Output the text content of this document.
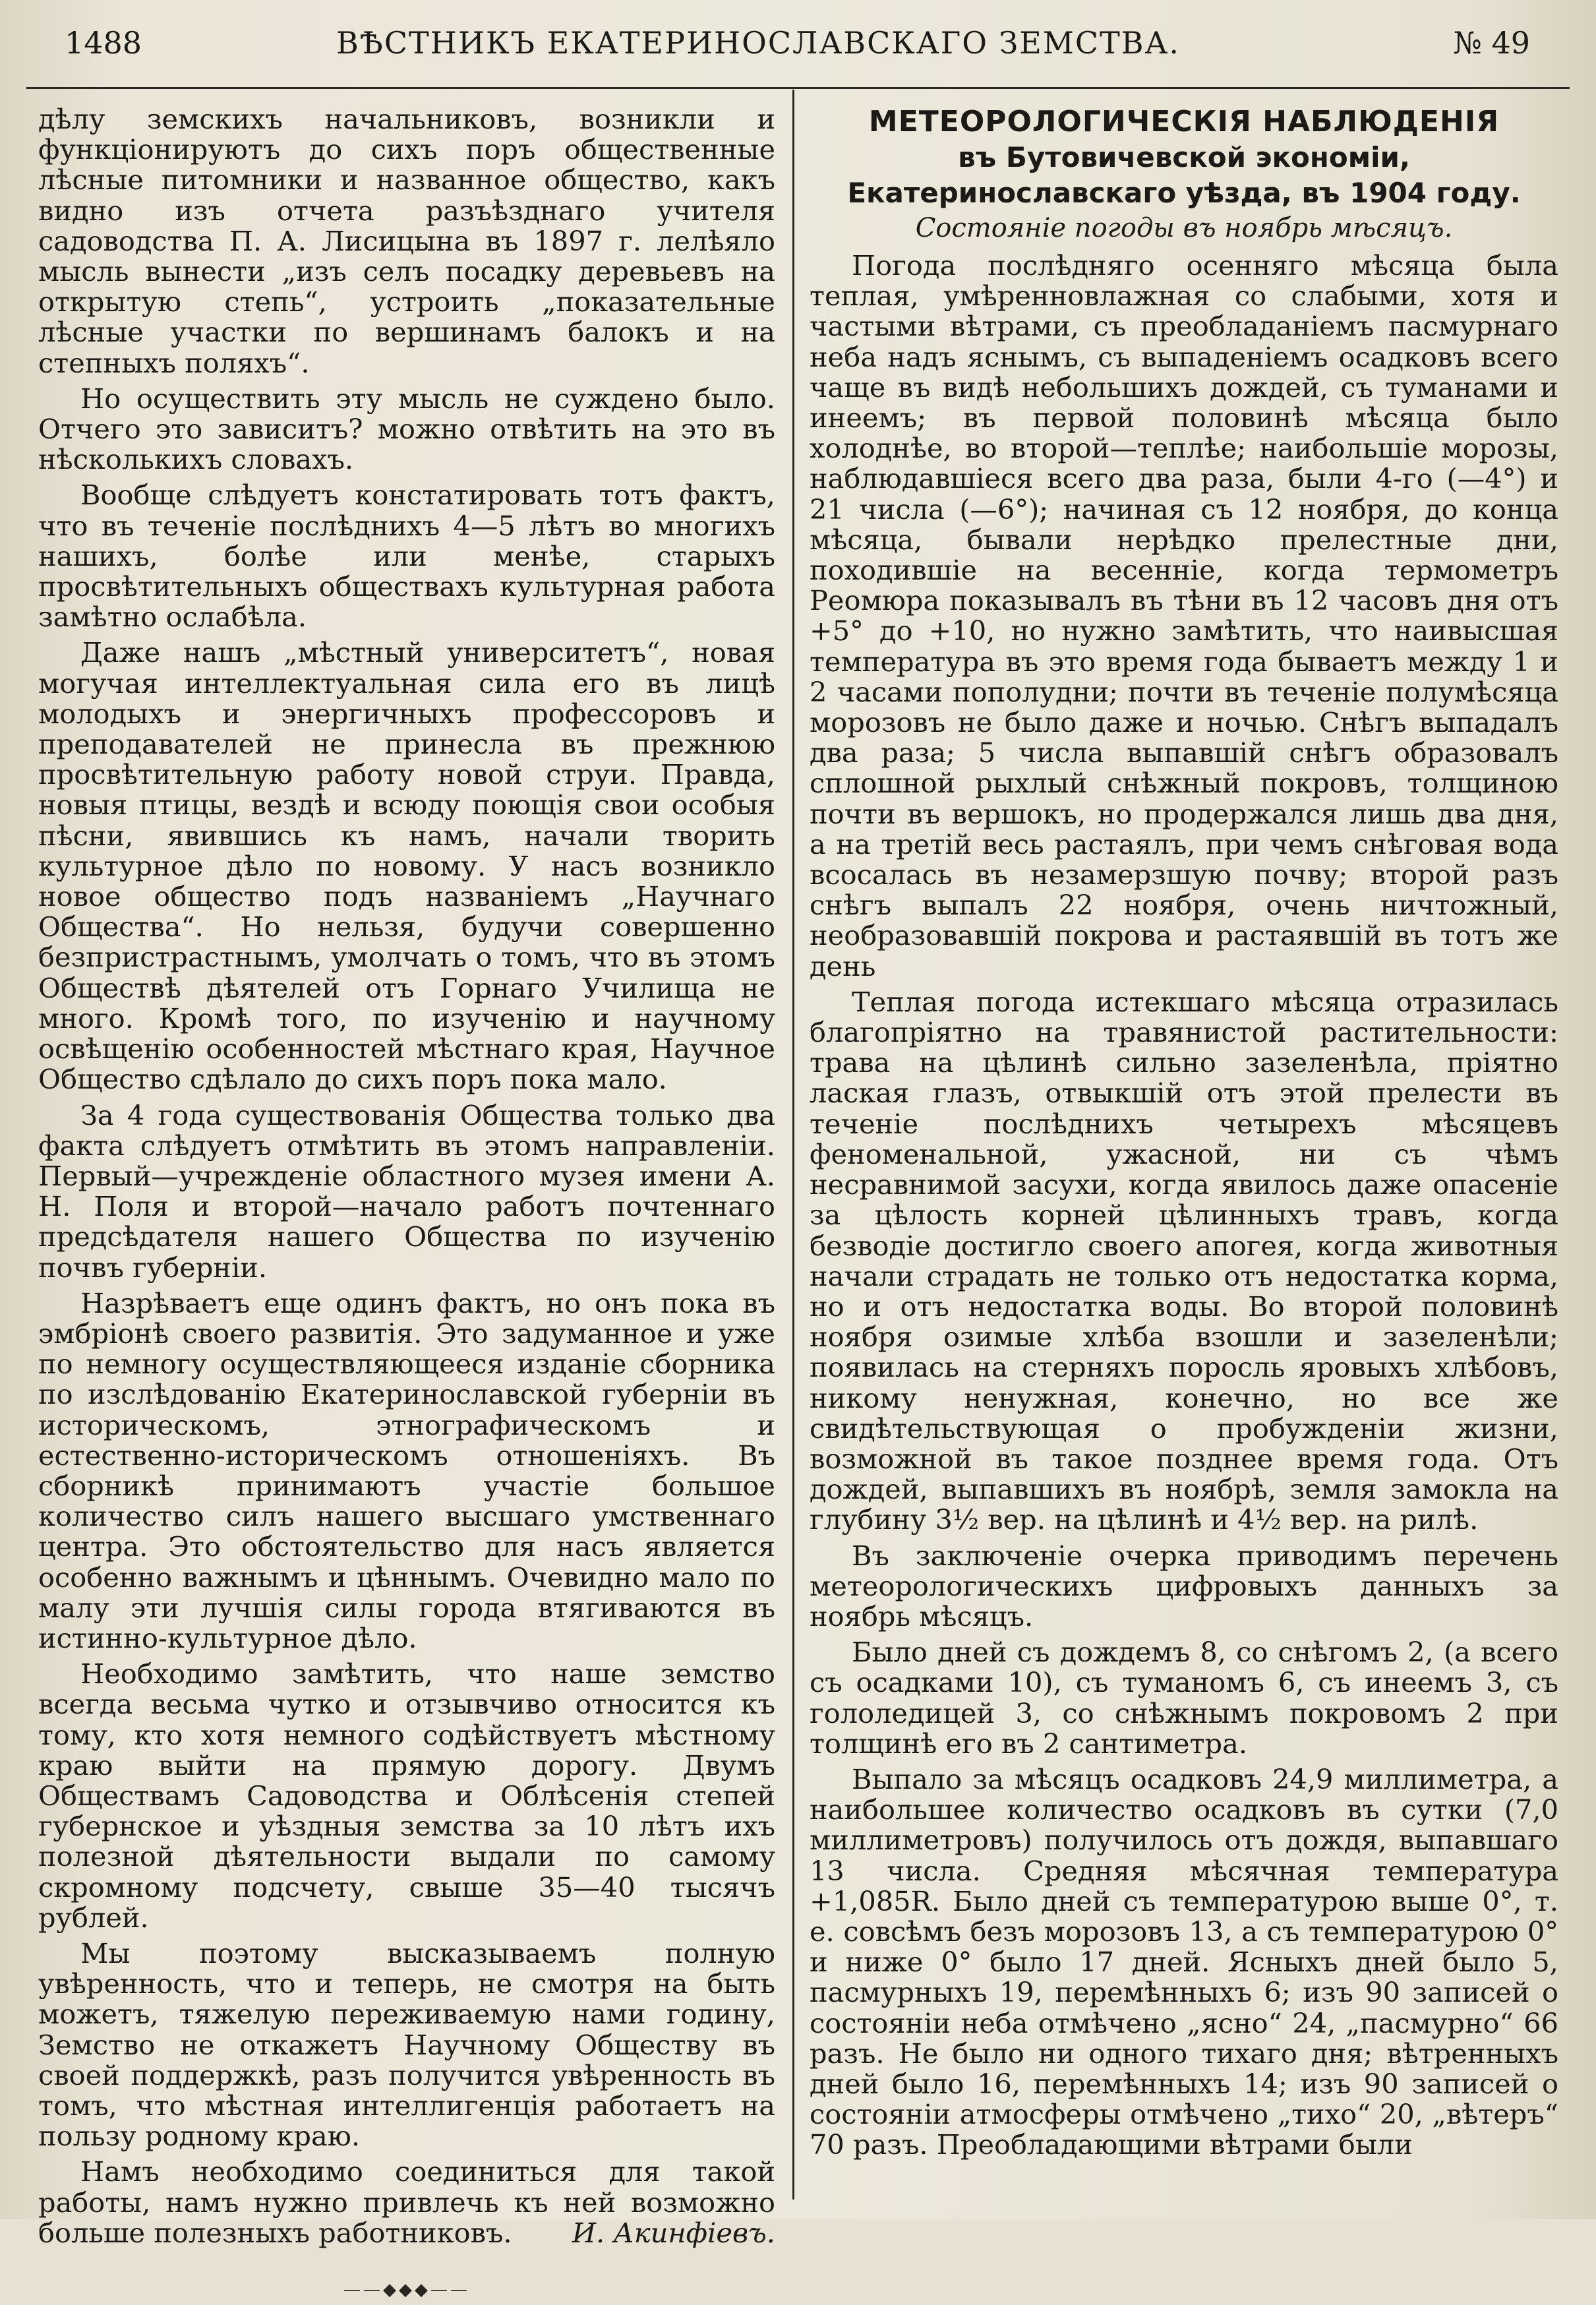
1488	ВѢСТНИКЪ ЕКАТЕРИНОСЛАВСКАГО ЗЕМСТВА.	№ 49

дѣлу земскихъ начальниковъ, возникли и функціонируютъ до сихъ поръ общественные лѣсные питомники и названное общество, какъ видно изъ отчета разъѣзднаго учителя садоводства П. А. Лисицына въ 1897 г. лелѣяло мысль вынести „изъ селъ посадку деревьевъ на открытую степь“, устроить „показательные лѣсные участки по вершинамъ балокъ и на степныхъ поляхъ“.

Но осуществить эту мысль не суждено было. Отчего это зависитъ? можно отвѣтить на это въ нѣсколькихъ словахъ.

Вообще слѣдуетъ констатировать тотъ фактъ, что въ теченіе послѣднихъ 4—5 лѣтъ во многихъ нашихъ, болѣе или менѣе, старыхъ просвѣтительныхъ обществахъ культурная работа замѣтно ослабѣла.

Даже нашъ „мѣстный университетъ“, новая могучая интеллектуальная сила его въ лицѣ молодыхъ и энергичныхъ профессоровъ и преподавателей не принесла въ прежнюю просвѣтительную работу новой струи. Правда, новыя птицы, вездѣ и всюду поющія свои особыя пѣсни, явившись къ намъ, начали творить культурное дѣло по новому. У насъ возникло новое общество подъ названіемъ „Научнаго Общества“. Но нельзя, будучи совершенно безпристрастнымъ, умолчать о томъ, что въ этомъ Обществѣ дѣятелей отъ Горнаго Училища не много. Кромѣ того, по изученію и научному освѣщенію особенностей мѣстнаго края, Научное Общество сдѣлало до сихъ поръ пока мало.

За 4 года существованія Общества только два факта слѣдуетъ отмѣтить въ этомъ направленіи. Первый—учрежденіе областного музея имени А. Н. Поля и второй—начало работъ почтеннаго предсѣдателя нашего Общества по изученію почвъ губерніи.

Назрѣваетъ еще одинъ фактъ, но онъ пока въ эмбріонѣ своего развитія. Это задуманное и уже по немногу осуществляющееся изданіе сборника по изслѣдованію Екатеринославской губерніи въ историческомъ, этнографическомъ и естественно-историческомъ отношеніяхъ. Въ сборникѣ принимаютъ участіе большое количество силъ нашего высшаго умственнаго центра. Это обстоятельство для насъ является особенно важнымъ и цѣннымъ. Очевидно мало по малу эти лучшія силы города втягиваются въ истинно-культурное дѣло.

Необходимо замѣтить, что наше земство всегда весьма чутко и отзывчиво относится къ тому, кто хотя немного содѣйствуетъ мѣстному краю выйти на прямую дорогу. Двумъ Обществамъ Садоводства и Облѣсенія степей губернское и уѣздныя земства за 10 лѣтъ ихъ полезной дѣятельности выдали по самому скромному подсчету, свыше 35—40 тысячъ рублей.

Мы поэтому высказываемъ полную увѣренность, что и теперь, не смотря на быть можетъ, тяжелую переживаемую нами годину, Земство не откажетъ Научному Обществу въ своей поддержкѣ, разъ получится увѣренность въ томъ, что мѣстная интеллигенція работаетъ на пользу родному краю.

Намъ необходимо соединиться для такой работы, намъ нужно привлечь къ ней возможно больше полезныхъ работниковъ.	И. Акинфіевъ.

——◆◆◆——

МЕТЕОРОЛОГИЧЕСКІЯ НАБЛЮДЕНІЯ

въ Бутовичевской экономіи, Екатеринославскаго уѣзда, въ 1904 году.

Состояніе погоды въ ноябрь мѣсяцъ.

Погода послѣдняго осенняго мѣсяца была теплая, умѣренновлажная со слабыми, хотя и частыми вѣтрами, съ преобладаніемъ пасмурнаго неба надъ яснымъ, съ выпаденіемъ осадковъ всего чаще въ видѣ небольшихъ дождей, съ туманами и инеемъ; въ первой половинѣ мѣсяца было холоднѣе, во второй—теплѣе; наибольшіе морозы, наблюдавшіеся всего два раза, были 4-го (—4°) и 21 числа (—6°); начиная съ 12 ноября, до конца мѣсяца, бывали нерѣдко прелестные дни, походившіе на весенніе, когда термометръ Реомюра показывалъ въ тѣни въ 12 часовъ дня отъ +5° до +10, но нужно замѣтить, что наивысшая температура въ это время года бываетъ между 1 и 2 часами пополудни; почти въ теченіе полумѣсяца морозовъ не было даже и ночью. Снѣгъ выпадалъ два раза; 5 числа выпавшій снѣгъ образовалъ сплошной рыхлый снѣжный покровъ, толщиною почти въ вершокъ, но продержался лишь два дня, а на третій весь растаялъ, при чемъ снѣговая вода всосалась въ незамерзшую почву; второй разъ снѣгъ выпалъ 22 ноября, очень ничтожный, необразовавшій покрова и растаявшій въ тотъ же день

Теплая погода истекшаго мѣсяца отразилась благопріятно на травянистой растительности: трава на цѣлинѣ сильно зазеленѣла, пріятно лаская глазъ, отвыкшій отъ этой прелести въ теченіе послѣднихъ четырехъ мѣсяцевъ феноменальной, ужасной, ни съ чѣмъ несравнимой засухи, когда явилось даже опасеніе за цѣлость корней цѣлинныхъ травъ, когда безводіе достигло своего апогея, когда животныя начали страдать не только отъ недостатка корма, но и отъ недостатка воды. Во второй половинѣ ноября озимые хлѣба взошли и зазеленѣли; появилась на стерняхъ поросль яровыхъ хлѣбовъ, никому ненужная, конечно, но все же свидѣтельствующая о пробужденіи жизни, возможной въ такое позднее время года. Отъ дождей, выпавшихъ въ ноябрѣ, земля замокла на глубину 3½ вер. на цѣлинѣ и 4½ вер. на рилѣ.

Въ заключеніе очерка приводимъ перечень метеорологическихъ цифровыхъ данныхъ за ноябрь мѣсяцъ.

Было дней съ дождемъ 8, со снѣгомъ 2, (а всего съ осадками 10), съ туманомъ 6, съ инеемъ 3, съ гололедицей 3, со снѣжнымъ покровомъ 2 при толщинѣ его въ 2 сантиметра.

Выпало за мѣсяцъ осадковъ 24,9 миллиметра, а наибольшее количество осадковъ въ сутки (7,0 миллиметровъ) получилось отъ дождя, выпавшаго 13 числа. Средняя мѣсячная температура +1,085R. Было дней съ температурою выше 0°, т. е. совсѣмъ безъ морозовъ 13, а съ температурою 0° и ниже 0° было 17 дней. Ясныхъ дней было 5, пасмурныхъ 19, перемѣнныхъ 6; изъ 90 записей о состояніи неба отмѣчено „ясно“ 24, „пасмурно“ 66 разъ. Не было ни одного тихаго дня; вѣтренныхъ дней было 16, перемѣнныхъ 14; изъ 90 записей о состояніи атмосферы отмѣчено „тихо“ 20, „вѣтеръ“ 70 разъ. Преобладающими вѣтрами были
